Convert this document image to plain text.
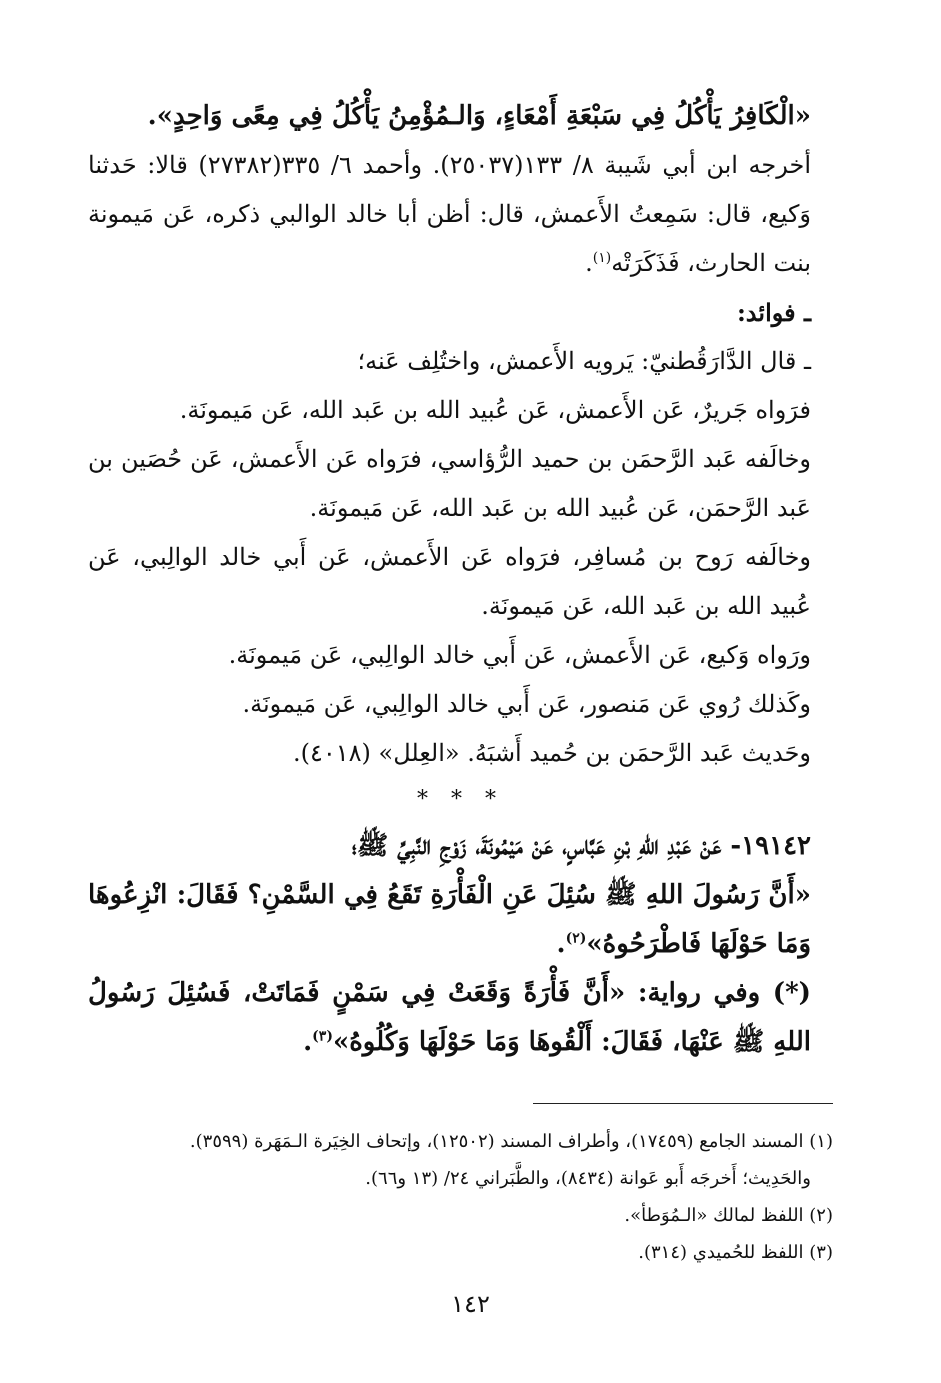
«الْكَافِرُ يَأْكُلُ فِي سَبْعَةِ أَمْعَاءٍ، وَالـمُؤْمِنُ يَأْكُلُ فِي مِعًى وَاحِدٍ».

أخرجه ابن أبي شَيبة ٨/ ١٣٣(٢٥٠٣٧). وأحمد ٦/ ٣٣٥(٢٧٣٨٢) قالا: حَدثنا وَكيع، قال: سَمِعتُ الأَعمش، قال: أظن أبا خالد الوالبي ذكره، عَن مَيمونة بنت الحارث، فَذَكَرَتْه$^{(١)}$.

ـ فوائد:

ـ قال الدَّارَقُطنيّ: يَرويه الأَعمش، واختُلِف عَنه؛

فرَواه جَريرٌ، عَن الأَعمش، عَن عُبيد الله بن عَبد الله، عَن مَيمونَة.

وخالَفه عَبد الرَّحمَن بن حميد الرُّؤاسي، فرَواه عَن الأَعمش، عَن حُصَين بن عَبد الرَّحمَن، عَن عُبيد الله بن عَبد الله، عَن مَيمونَة.

وخالَفه رَوح بن مُسافِر، فرَواه عَن الأَعمش، عَن أَبي خالد الوالِبي، عَن عُبيد الله بن عَبد الله، عَن مَيمونَة.

ورَواه وَكيع، عَن الأَعمش، عَن أَبي خالد الوالِبي، عَن مَيمونَة.

وكَذلك رُوي عَن مَنصور، عَن أَبي خالد الوالِبي، عَن مَيمونَة.

وحَديث عَبد الرَّحمَن بن حُميد أَشبَهُ. «العِلل» (٤٠١٨).

* * *

١٩١٤٢- عَنْ عَبْدِ اللهِ بْنِ عَبَّاسٍ، عَنْ مَيْمُونَةَ، زَوْجِ النَّبِيِّ ﷺ؛

«أَنَّ رَسُولَ اللهِ ﷺ سُئِلَ عَنِ الْفَأْرَةِ تَقَعُ فِي السَّمْنِ؟ فَقَالَ: انْزِعُوهَا وَمَا حَوْلَهَا فَاطْرَحُوهُ»$^{(٢)}$.

(*) وفي رواية: «أَنَّ فَأْرَةً وَقَعَتْ فِي سَمْنٍ فَمَاتَتْ، فَسُئِلَ رَسُولُ اللهِ ﷺ عَنْهَا، فَقَالَ: أَلْقُوهَا وَمَا حَوْلَهَا وَكُلُوهُ»$^{(٣)}$.

(١) المسند الجامع (١٧٤٥٩)، وأطراف المسند (١٢٥٠٢)، وإتحاف الخِيَرة الـمَهَرة (٣٥٩٩).

والحَدِيث؛ أَخرجَه أَبو عَوانة (٨٤٣٤)، والطَّبَراني ٢٤/ (١٣ و٦٦).

(٢) اللفظ لمالك «الـمُوَطأ».

(٣) اللفظ للحُميدي (٣١٤).

١٤٢
